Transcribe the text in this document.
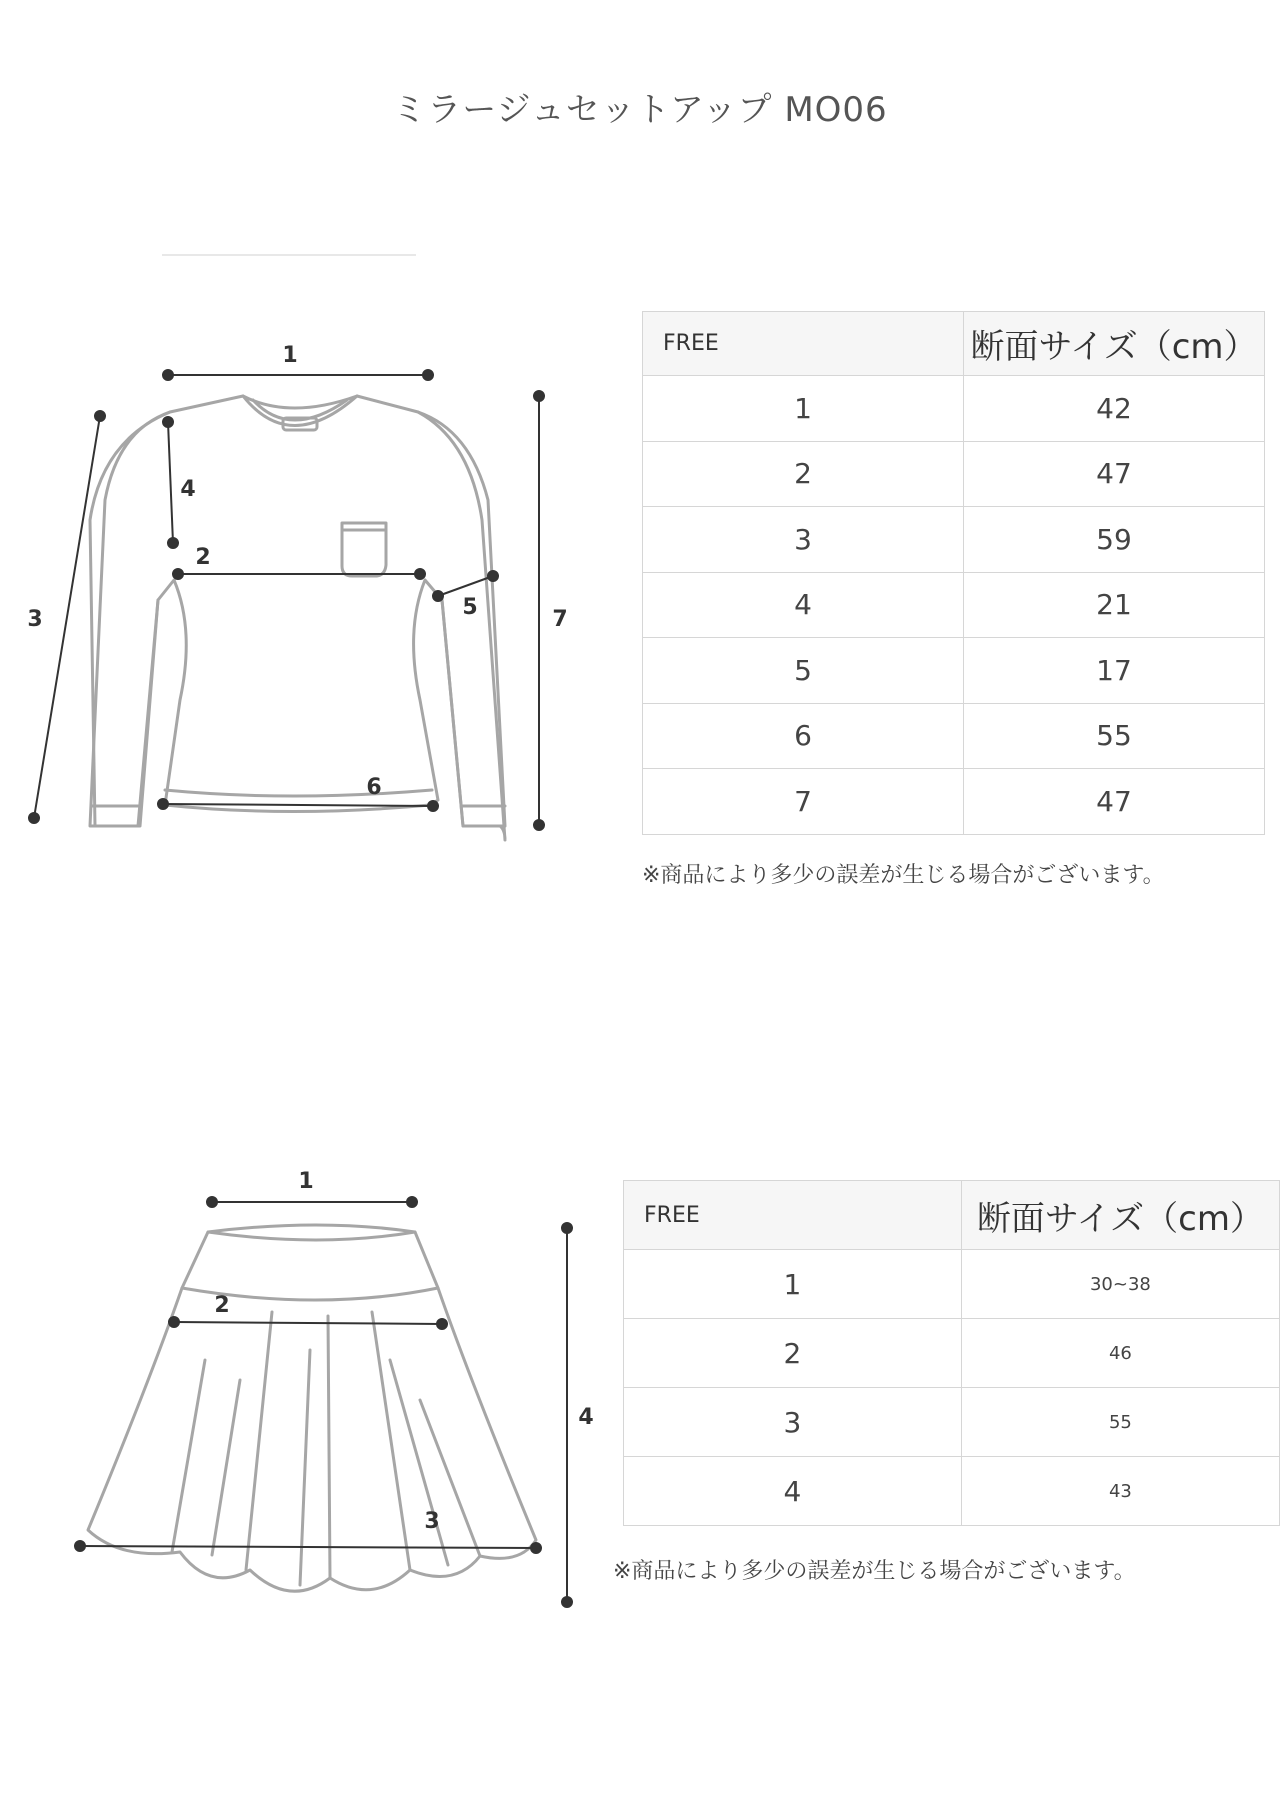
ミラージュセットアップ MO06
1
2
3
4
5
6
7
1
2
3
4
FREE	断面サイズ（cm）
1	42
2	47
3	59
4	21
5	17
6	55
7	47
※商品により多少の誤差が生じる場合がございます。
FREE	断面サイズ（cm）
1	30~38
2	46
3	55
4	43
※商品により多少の誤差が生じる場合がございます。
